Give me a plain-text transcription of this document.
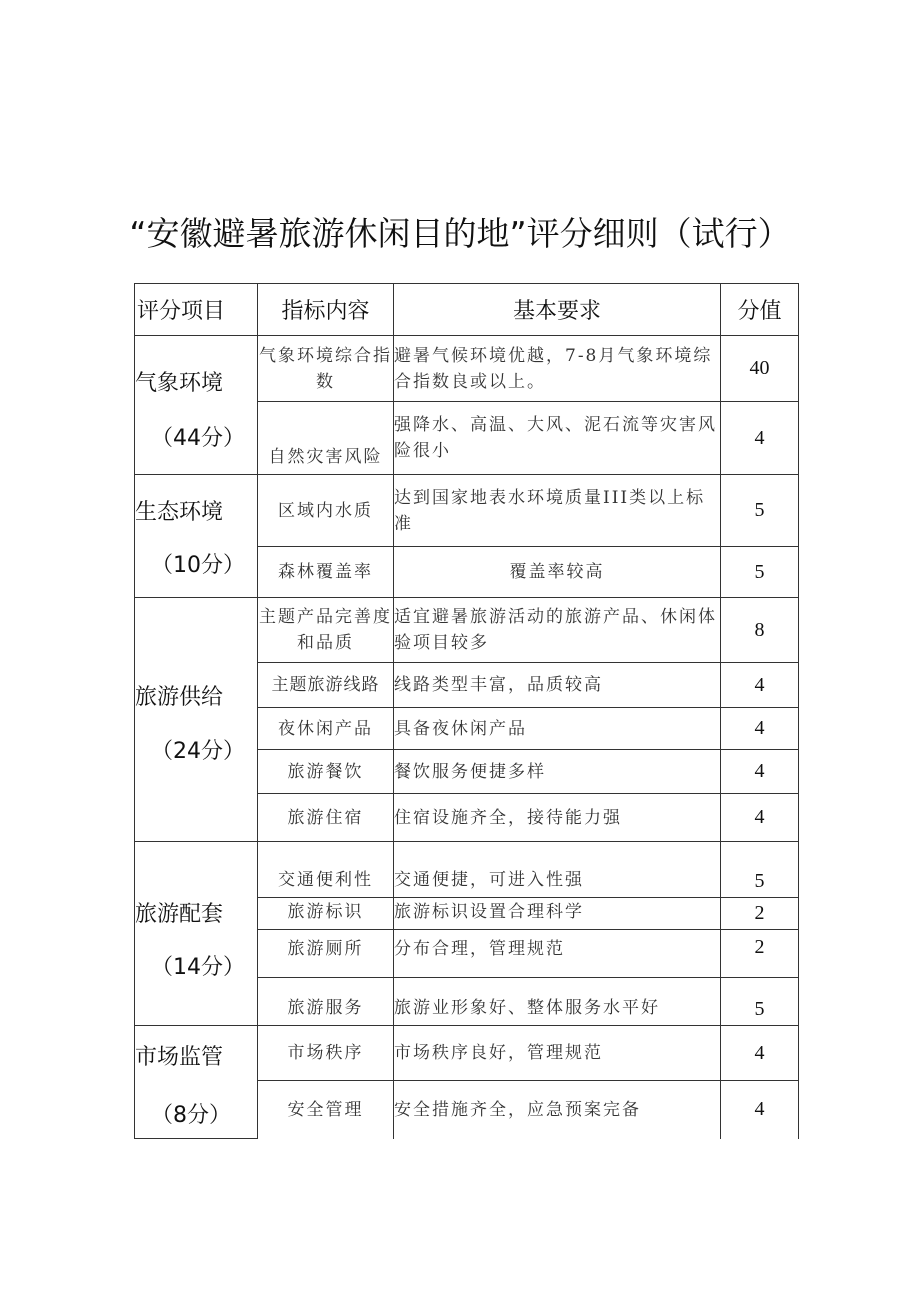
“安徽避暑旅游休闲目的地”评分细则（试行）
评分项目	指标内容	基本要求	分值

气象环境
（44分）	气象环境综合指数	避暑气候环境优越，7-8月气象环境综合指数良或以上。	40
	自然灾害风险	强降水、高温、大风、泥石流等灾害风险很小	4

生态环境
（10分）	区域内水质	达到国家地表水环境质量III类以上标准	5
	森林覆盖率	覆盖率较高	5

旅游供给
（24分）	主题产品完善度和品质	适宜避暑旅游活动的旅游产品、休闲体验项目较多	8
	主题旅游线路	线路类型丰富，品质较高	4
	夜休闲产品	具备夜休闲产品	4
	旅游餐饮	餐饮服务便捷多样	4
	旅游住宿	住宿设施齐全，接待能力强	4

旅游配套
（14分）	交通便利性	交通便捷，可进入性强	5
	旅游标识	旅游标识设置合理科学	2
	旅游厕所	分布合理，管理规范	2
	旅游服务	旅游业形象好、整体服务水平好	5

市场监管
（8分）	市场秩序	市场秩序良好，管理规范	4
	安全管理	安全措施齐全，应急预案完备	4
